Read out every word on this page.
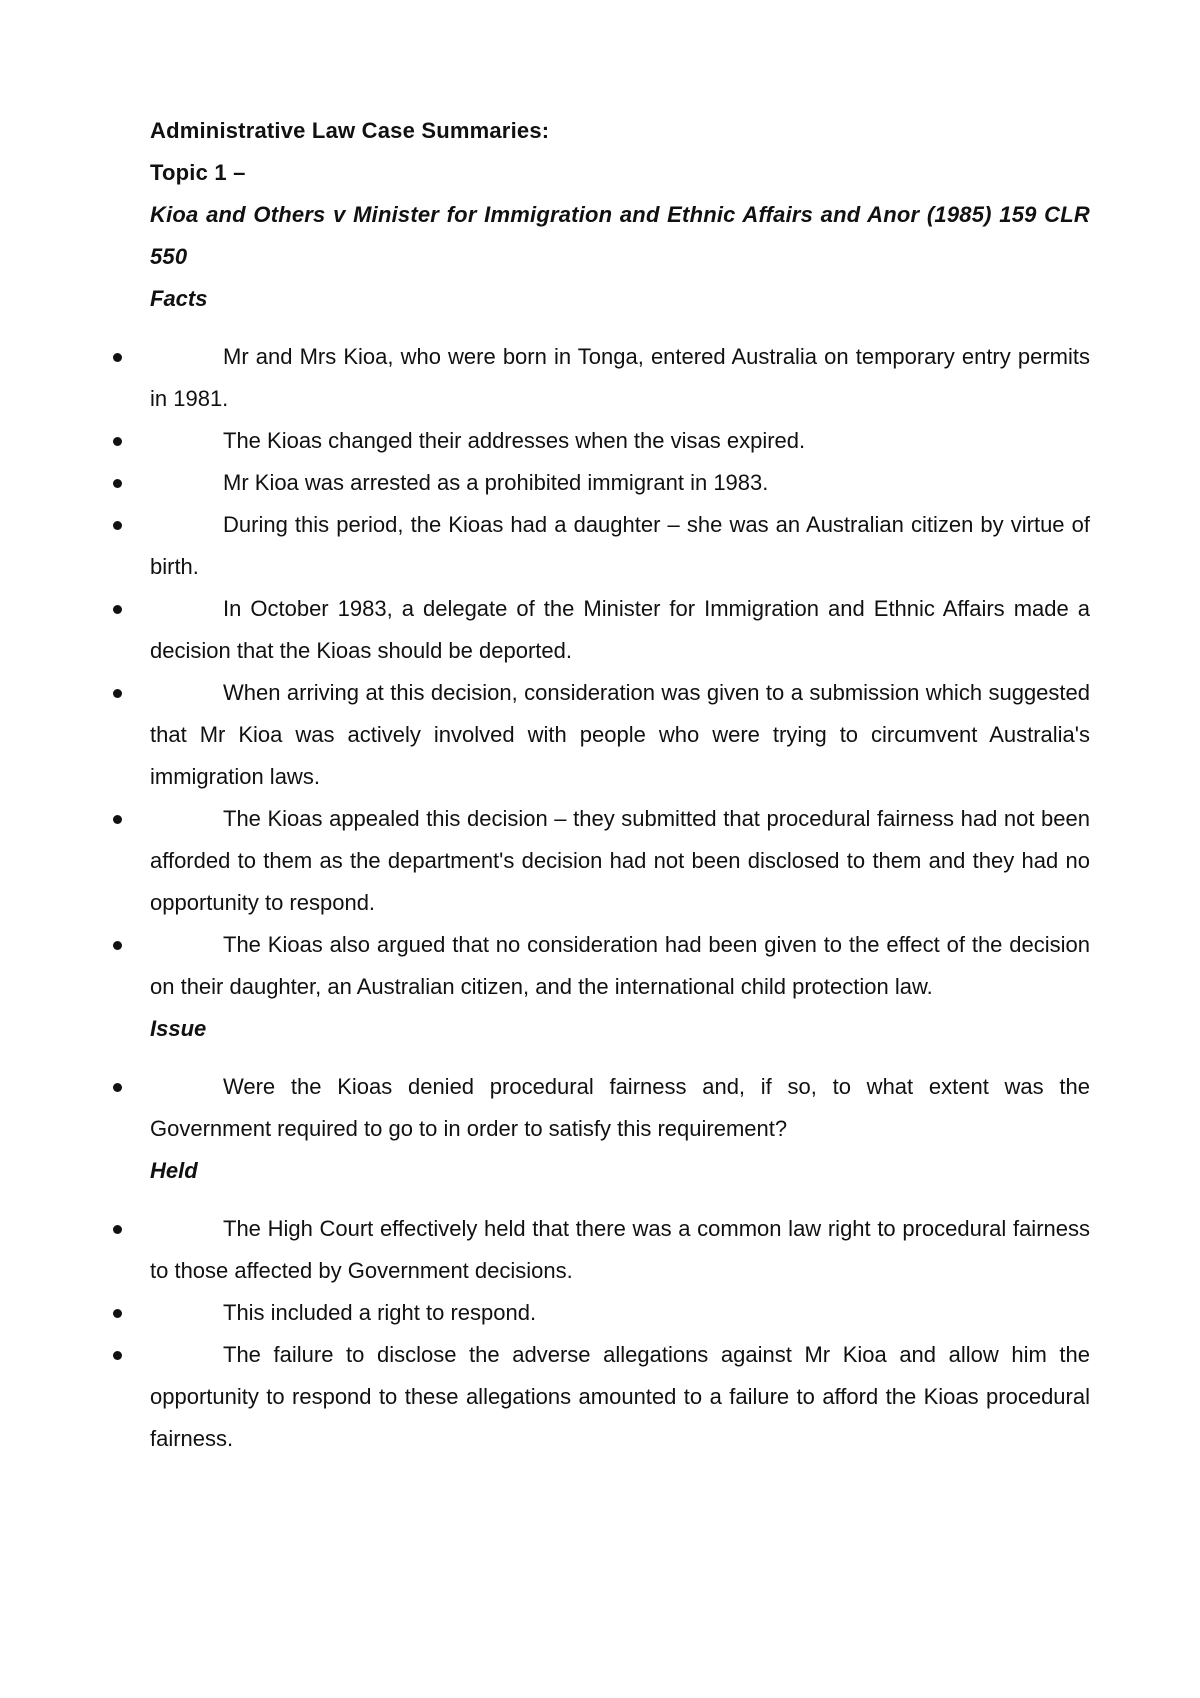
Administrative Law Case Summaries:

Topic 1 –

Kioa and Others v Minister for Immigration and Ethnic Affairs and Anor (1985) 159 CLR 550

Facts

Mr and Mrs Kioa, who were born in Tonga, entered Australia on temporary entry permits in 1981.
The Kioas changed their addresses when the visas expired.
Mr Kioa was arrested as a prohibited immigrant in 1983.
During this period, the Kioas had a daughter – she was an Australian citizen by virtue of birth.
In October 1983, a delegate of the Minister for Immigration and Ethnic Affairs made a decision that the Kioas should be deported.
When arriving at this decision, consideration was given to a submission which suggested that Mr Kioa was actively involved with people who were trying to circumvent Australia's immigration laws.
The Kioas appealed this decision – they submitted that procedural fairness had not been afforded to them as the department's decision had not been disclosed to them and they had no opportunity to respond.
The Kioas also argued that no consideration had been given to the effect of the decision on their daughter, an Australian citizen, and the international child protection law.

Issue

Were the Kioas denied procedural fairness and, if so, to what extent was the Government required to go to in order to satisfy this requirement?

Held

The High Court effectively held that there was a common law right to procedural fairness to those affected by Government decisions.
This included a right to respond.
The failure to disclose the adverse allegations against Mr Kioa and allow him the opportunity to respond to these allegations amounted to a failure to afford the Kioas procedural fairness.
